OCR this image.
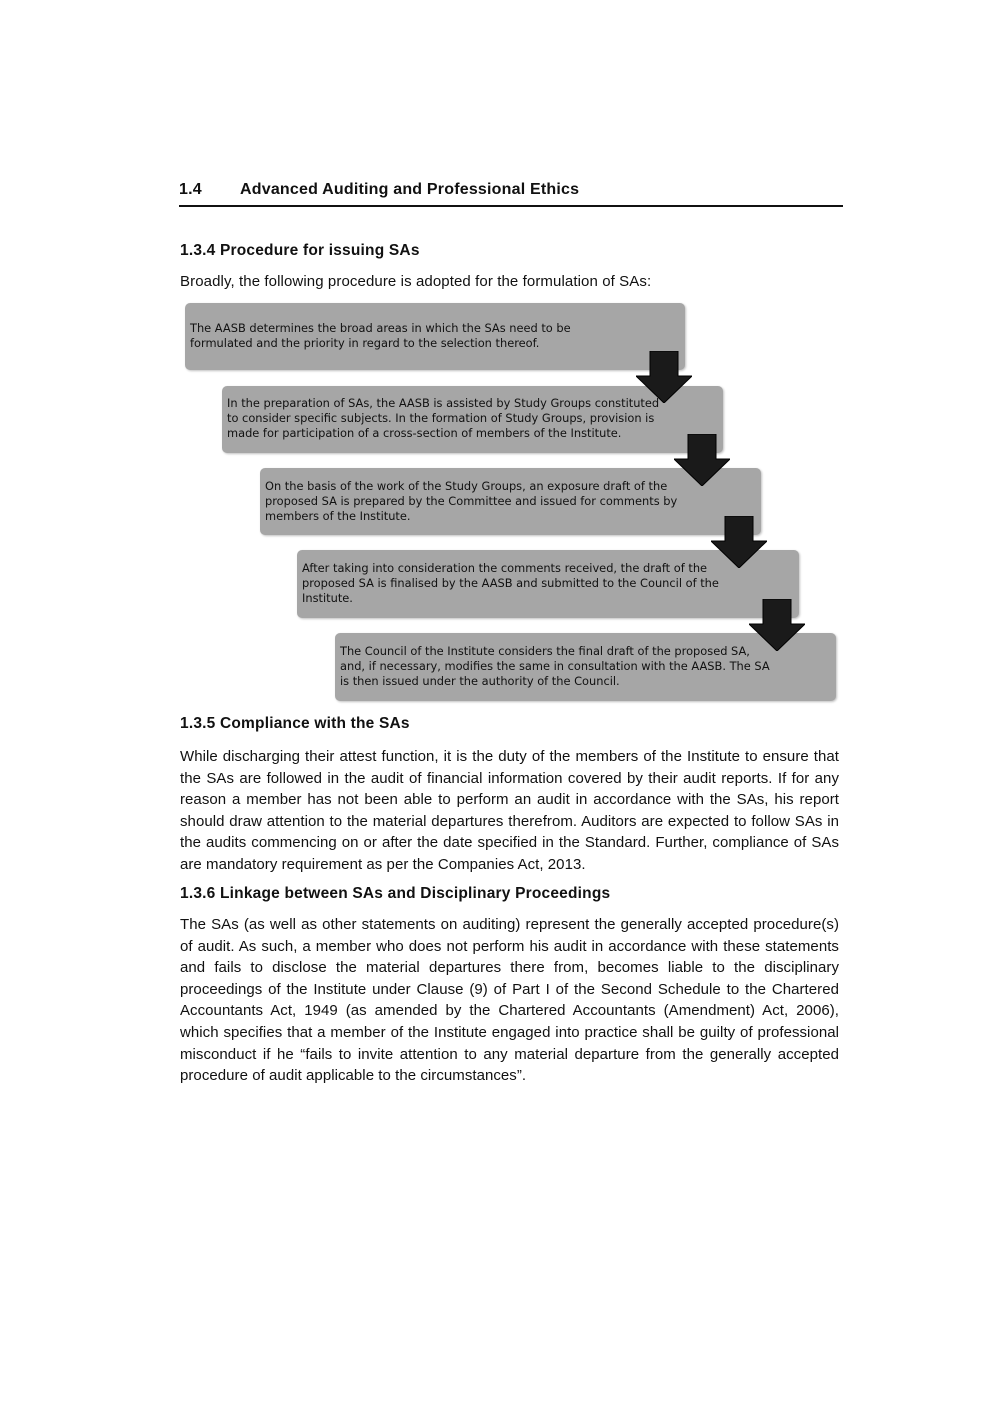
1.4 Advanced Auditing and Professional Ethics
1.3.4 Procedure for issuing SAs
Broadly, the following procedure is adopted for the formulation of SAs:
The AASB determines the broad areas in which the SAs need to be
formulated and the priority in regard to the selection thereof.
In the preparation of SAs, the AASB is assisted by Study Groups constituted
to consider specific subjects. In the formation of Study Groups, provision is
made for participation of a cross-section of members of the Institute.
On the basis of the work of the Study Groups, an exposure draft of the
proposed SA is prepared by the Committee and issued for comments by
members of the Institute.
After taking into consideration the comments received, the draft of the
proposed SA is finalised by the AASB and submitted to the Council of the
Institute.
The Council of the Institute considers the final draft of the proposed SA,
and, if necessary, modifies the same in consultation with the AASB. The SA
is then issued under the authority of the Council.
1.3.5 Compliance with the SAs
While discharging their attest function, it is the duty of the members of the Institute to ensure that the SAs are followed in the audit of financial information covered by their audit reports. If for any reason a member has not been able to perform an audit in accordance with the SAs, his report should draw attention to the material departures therefrom. Auditors are expected to follow SAs in the audits commencing on or after the date specified in the Standard. Further, compliance of SAs are mandatory requirement as per the Companies Act, 2013.
1.3.6 Linkage between SAs and Disciplinary Proceedings
The SAs (as well as other statements on auditing) represent the generally accepted procedure(s) of audit. As such, a member who does not perform his audit in accordance with these statements and fails to disclose the material departures there from, becomes liable to the disciplinary proceedings of the Institute under Clause (9) of Part I of the Second Schedule to the Chartered Accountants Act, 1949 (as amended by the Chartered Accountants (Amendment) Act, 2006), which specifies that a member of the Institute engaged into practice shall be guilty of professional misconduct if he “fails to invite attention to any material departure from the generally accepted procedure of audit applicable to the circumstances”.
